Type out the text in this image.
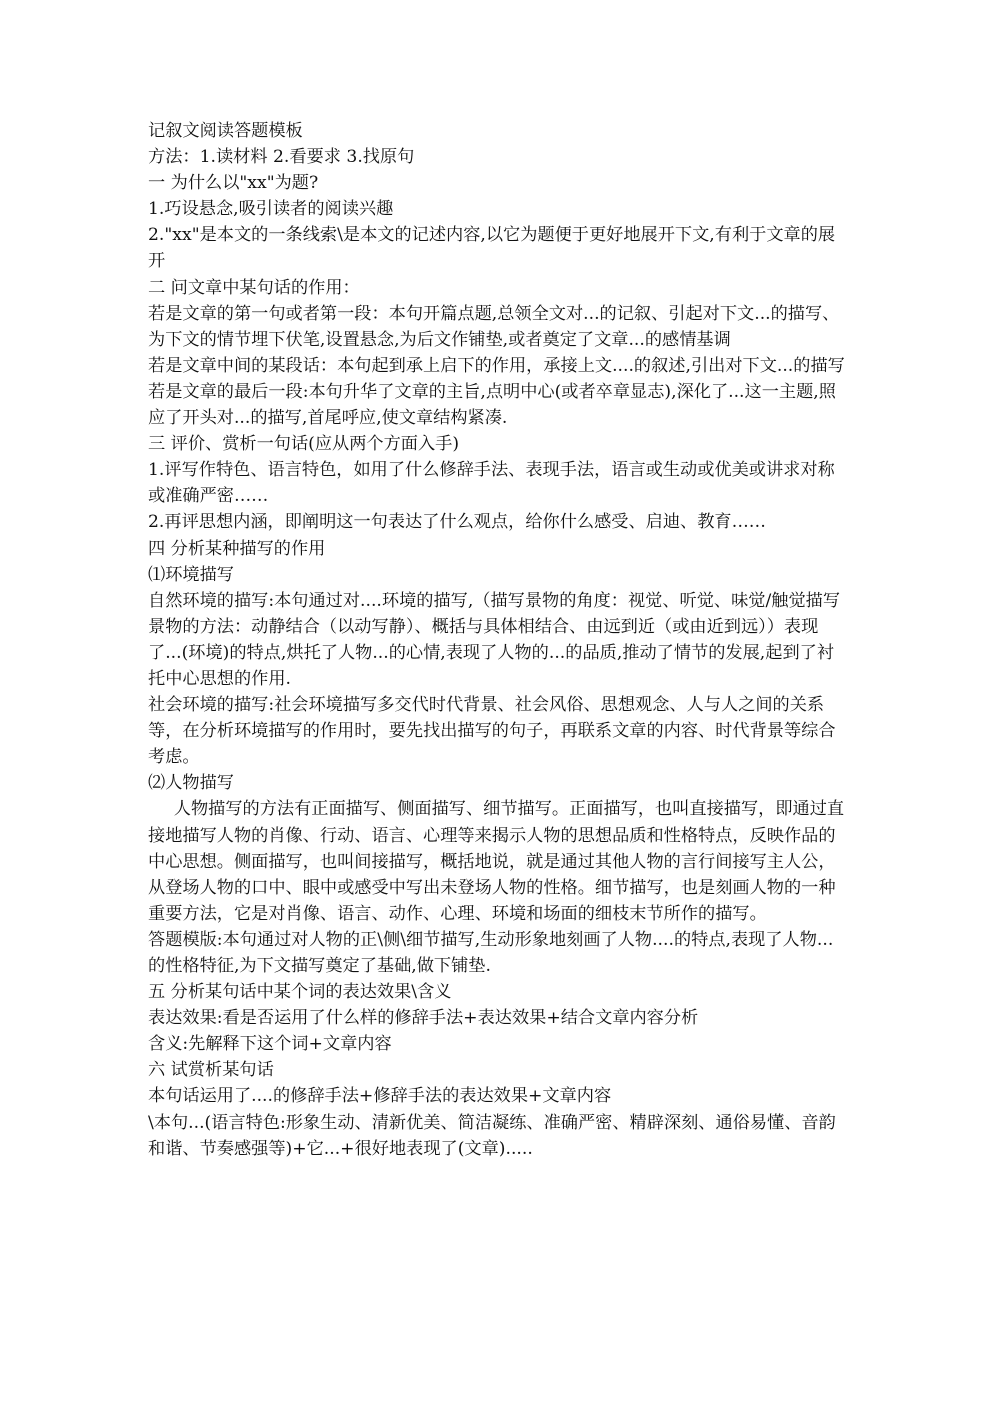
记叙文阅读答题模板

方法：1.读材料 2.看要求 3.找原句

一 为什么以"xx"为题?

1.巧设悬念,吸引读者的阅读兴趣

2."xx"是本文的一条线索\是本文的记述内容,以它为题便于更好地展开下文,有利于文章的展开

二 问文章中某句话的作用：

若是文章的第一句或者第一段：本句开篇点题,总领全文对...的记叙、引起对下文...的描写、为下文的情节埋下伏笔,设置悬念,为后文作铺垫,或者奠定了文章...的感情基调

若是文章中间的某段话：本句起到承上启下的作用，承接上文....的叙述,引出对下文...的描写

若是文章的最后一段:本句升华了文章的主旨,点明中心(或者卒章显志),深化了...这一主题,照应了开头对...的描写,首尾呼应,使文章结构紧凑.

三 评价、赏析一句话(应从两个方面入手)

1.评写作特色、语言特色，如用了什么修辞手法、表现手法，语言或生动或优美或讲求对称或准确严密……

2.再评思想内涵，即阐明这一句表达了什么观点，给你什么感受、启迪、教育……

四 分析某种描写的作用

⑴环境描写

自然环境的描写:本句通过对....环境的描写,（描写景物的角度：视觉、听觉、味觉/触觉描写景物的方法：动静结合（以动写静）、概括与具体相结合、由远到近（或由近到远））表现了...(环境)的特点,烘托了人物...的心情,表现了人物的...的品质,推动了情节的发展,起到了衬托中心思想的作用.

社会环境的描写:社会环境描写多交代时代背景、社会风俗、思想观念、人与人之间的关系等，在分析环境描写的作用时，要先找出描写的句子，再联系文章的内容、时代背景等综合考虑。

⑵人物描写

人物描写的方法有正面描写、侧面描写、细节描写。正面描写，也叫直接描写，即通过直接地描写人物的肖像、行动、语言、心理等来揭示人物的思想品质和性格特点，反映作品的中心思想。侧面描写，也叫间接描写，概括地说，就是通过其他人物的言行间接写主人公，从登场人物的口中、眼中或感受中写出未登场人物的性格。细节描写，也是刻画人物的一种重要方法，它是对肖像、语言、动作、心理、环境和场面的细枝末节所作的描写。

答题模版:本句通过对人物的正\侧\细节描写,生动形象地刻画了人物....的特点,表现了人物...的性格特征,为下文描写奠定了基础,做下铺垫.

五 分析某句话中某个词的表达效果\含义

表达效果:看是否运用了什么样的修辞手法+表达效果+结合文章内容分析

含义:先解释下这个词+文章内容

六 试赏析某句话

本句话运用了....的修辞手法+修辞手法的表达效果+文章内容

\本句...(语言特色:形象生动、清新优美、简洁凝练、准确严密、精辟深刻、通俗易懂、音韵和谐、节奏感强等)+它...+很好地表现了(文章).....
